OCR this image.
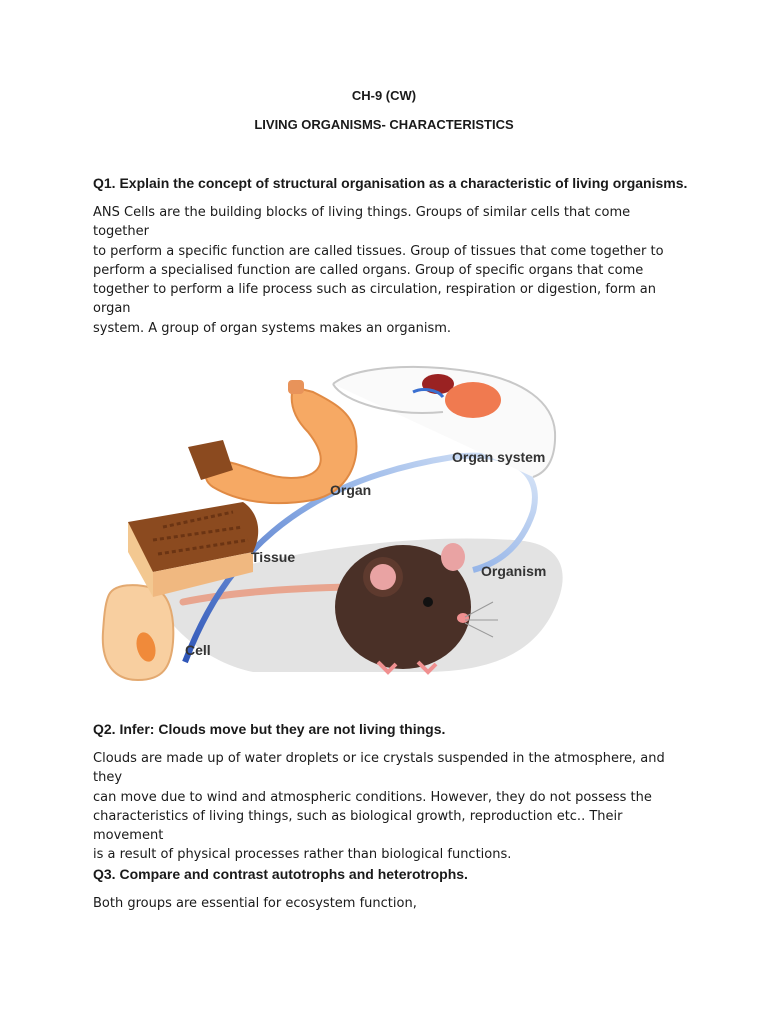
CH-9 (CW)
LIVING ORGANISMS- CHARACTERISTICS
Q1. Explain the concept of structural organisation as a characteristic of living organisms.
ANS Cells are the building blocks of living things. Groups of similar cells that come together
to perform a specific function are called tissues. Group of tissues that come together to
perform a specialised function are called organs. Group of specific organs that come
together to perform a life process such as circulation, respiration or digestion, form an organ
system. A group of organ systems makes an organism.
Cell
Tissue
Organ
Organ system
Organism
Q2. Infer: Clouds move but they are not living things.
Clouds are made up of water droplets or ice crystals suspended in the atmosphere, and they
can move due to wind and atmospheric conditions. However, they do not possess the
characteristics of living things, such as biological growth, reproduction etc.. Their movement
is a result of physical processes rather than biological functions.
Q3. Compare and contrast autotrophs and heterotrophs.
Both groups are essential for ecosystem function,
